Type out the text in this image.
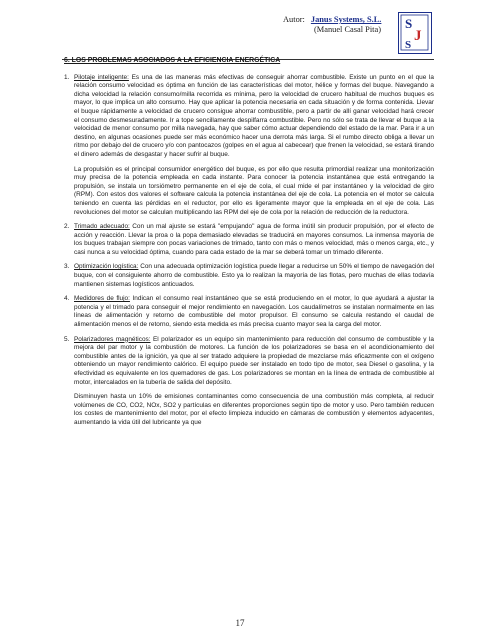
Autor: Janus Systems, S.L.
(Manuel Casal Pita) S
J
S
6. LOS PROBLEMAS ASOCIADOS A LA EFICIENCIA ENERGÉTICA
1. Pilotaje inteligente: Es una de las maneras más efectivas de conseguir ahorrar combustible. Existe un punto en el que la relación consumo velocidad es óptima en función de las características del motor, hélice y formas del buque. Navegando a dicha velocidad la relación consumo/milla recorrida es mínima, pero la velocidad de crucero habitual de muchos buques es mayor, lo que implica un alto consumo. Hay que aplicar la potencia necesaria en cada situación y de forma contenida. Llevar el buque rápidamente a velocidad de crucero consigue ahorrar combustible, pero a partir de allí ganar velocidad hará crecer el consumo desmesuradamente. Ir a tope sencillamente despilfarra combustible. Pero no sólo se trata de llevar el buque a la velocidad de menor consumo por milla navegada, hay que saber cómo actuar dependiendo del estado de la mar. Para ir a un destino, en algunas ocasiones puede ser más económico hacer una derrota más larga. Si el rumbo directo obliga a llevar un ritmo por debajo del de crucero y/o con pantocazos (golpes en el agua al cabecear) que frenen la velocidad, se estará tirando el dinero además de desgastar y hacer sufrir al buque.
La propulsión es el principal consumidor energético del buque, es por ello que resulta primordial realizar una monitorización muy precisa de la potencia empleada en cada instante. Para conocer la potencia instantánea que está entregando la propulsión, se instala un torsiómetro permanente en el eje de cola, el cual mide el par instantáneo y la velocidad de giro (RPM). Con estos dos valores el software calcula la potencia instantánea del eje de cola. La potencia en el motor se calcula teniendo en cuenta las pérdidas en el reductor, por ello es ligeramente mayor que la empleada en el eje de cola. Las revoluciones del motor se calculan multiplicando las RPM del eje de cola por la relación de reducción de la reductora.
2. Trimado adecuado: Con un mal ajuste se estará "empujando" agua de forma inútil sin producir propulsión, por el efecto de acción y reacción. Llevar la proa o la popa demasiado elevadas se traducirá en mayores consumos. La inmensa mayoría de los buques trabajan siempre con pocas variaciones de trimado, tanto con más o menos velocidad, más o menos carga, etc., y casi nunca a su velocidad óptima, cuando para cada estado de la mar se deberá tomar un trimado diferente.
3. Optimización logística: Con una adecuada optimización logística puede llegar a reducirse un 50% el tiempo de navegación del buque, con el consiguiente ahorro de combustible. Esto ya lo realizan la mayoría de las flotas, pero muchas de ellas todavía mantienen sistemas logísticos anticuados.
4. Medidores de flujo: Indican el consumo real instantáneo que se está produciendo en el motor, lo que ayudará a ajustar la potencia y el trimado para conseguir el mejor rendimiento en navegación. Los caudalímetros se instalan normalmente en las líneas de alimentación y retorno de combustible del motor propulsor. El consumo se calcula restando el caudal de alimentación menos el de retorno, siendo esta medida es más precisa cuanto mayor sea la carga del motor.
5. Polarizadores magnéticos: El polarizador es un equipo sin mantenimiento para reducción del consumo de combustible y la mejora del par motor y la combustión de motores. La función de los polarizadores se basa en el acondicionamiento del combustible antes de la ignición, ya que al ser tratado adquiere la propiedad de mezclarse más eficazmente con el oxígeno obteniendo un mayor rendimiento calórico. El equipo puede ser instalado en todo tipo de motor, sea Diesel o gasolina, y la efectividad es equivalente en los quemadores de gas. Los polarizadores se montan en la línea de entrada de combustible al motor, intercalados en la tubería de salida del depósito.
Disminuyen hasta un 10% de emisiones contaminantes como consecuencia de una combustión más completa, al reducir volúmenes de CO, CO2, NOx, SO2 y partículas en diferentes proporciones según tipo de motor y uso. Pero también reducen los costes de mantenimiento del motor, por el efecto limpieza inducido en cámaras de combustión y elementos adyacentes, aumentando la vida útil del lubricante ya que
17
